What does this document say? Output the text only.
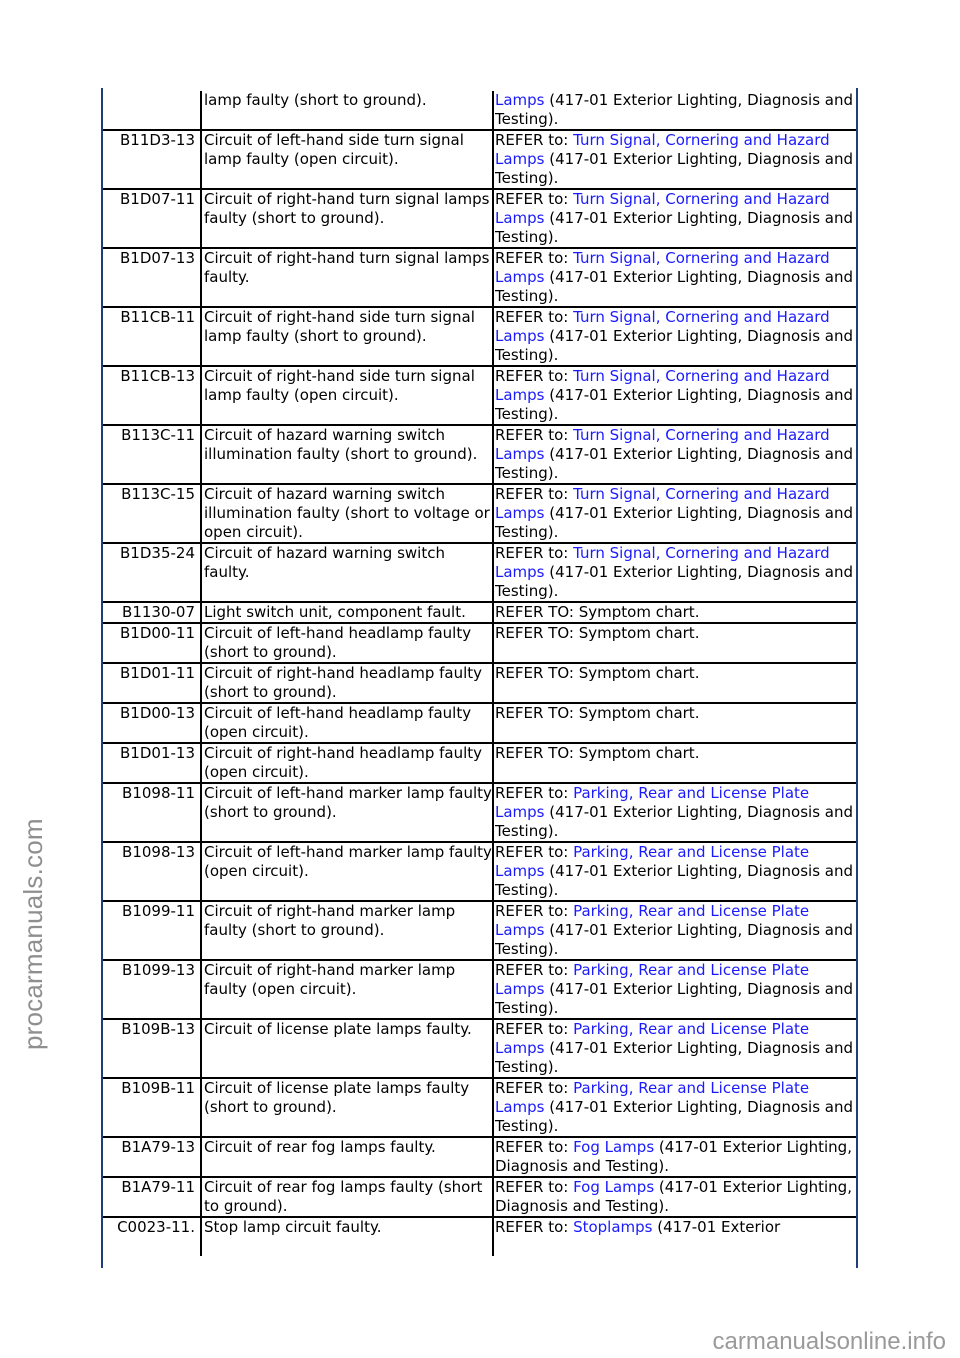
procarmanuals.com
carmanualsonline.info
	lamp faulty (short to ground).	Lamps (417-01 Exterior Lighting, Diagnosis and Testing).
B11D3-13	Circuit of left-hand side turn signal lamp faulty (open circuit).	REFER to: Turn Signal, Cornering and Hazard Lamps (417-01 Exterior Lighting, Diagnosis and Testing).
B1D07-11	Circuit of right-hand turn signal lamps faulty (short to ground).	REFER to: Turn Signal, Cornering and Hazard Lamps (417-01 Exterior Lighting, Diagnosis and Testing).
B1D07-13	Circuit of right-hand turn signal lamps faulty.	REFER to: Turn Signal, Cornering and Hazard Lamps (417-01 Exterior Lighting, Diagnosis and Testing).
B11CB-11	Circuit of right-hand side turn signal lamp faulty (short to ground).	REFER to: Turn Signal, Cornering and Hazard Lamps (417-01 Exterior Lighting, Diagnosis and Testing).
B11CB-13	Circuit of right-hand side turn signal lamp faulty (open circuit).	REFER to: Turn Signal, Cornering and Hazard Lamps (417-01 Exterior Lighting, Diagnosis and Testing).
B113C-11	Circuit of hazard warning switch illumination faulty (short to ground).	REFER to: Turn Signal, Cornering and Hazard Lamps (417-01 Exterior Lighting, Diagnosis and Testing).
B113C-15	Circuit of hazard warning switch illumination faulty (short to voltage or open circuit).	REFER to: Turn Signal, Cornering and Hazard Lamps (417-01 Exterior Lighting, Diagnosis and Testing).
B1D35-24	Circuit of hazard warning switch faulty.	REFER to: Turn Signal, Cornering and Hazard Lamps (417-01 Exterior Lighting, Diagnosis and Testing).
B1130-07	Light switch unit, component fault.	REFER TO: Symptom chart.
B1D00-11	Circuit of left-hand headlamp faulty (short to ground).	REFER TO: Symptom chart.
B1D01-11	Circuit of right-hand headlamp faulty (short to ground).	REFER TO: Symptom chart.
B1D00-13	Circuit of left-hand headlamp faulty (open circuit).	REFER TO: Symptom chart.
B1D01-13	Circuit of right-hand headlamp faulty (open circuit).	REFER TO: Symptom chart.
B1098-11	Circuit of left-hand marker lamp faulty (short to ground).	REFER to: Parking, Rear and License Plate Lamps (417-01 Exterior Lighting, Diagnosis and Testing).
B1098-13	Circuit of left-hand marker lamp faulty (open circuit).	REFER to: Parking, Rear and License Plate Lamps (417-01 Exterior Lighting, Diagnosis and Testing).
B1099-11	Circuit of right-hand marker lamp faulty (short to ground).	REFER to: Parking, Rear and License Plate Lamps (417-01 Exterior Lighting, Diagnosis and Testing).
B1099-13	Circuit of right-hand marker lamp faulty (open circuit).	REFER to: Parking, Rear and License Plate Lamps (417-01 Exterior Lighting, Diagnosis and Testing).
B109B-13	Circuit of license plate lamps faulty.	REFER to: Parking, Rear and License Plate Lamps (417-01 Exterior Lighting, Diagnosis and Testing).
B109B-11	Circuit of license plate lamps faulty (short to ground).	REFER to: Parking, Rear and License Plate Lamps (417-01 Exterior Lighting, Diagnosis and Testing).
B1A79-13	Circuit of rear fog lamps faulty.	REFER to: Fog Lamps (417-01 Exterior Lighting, Diagnosis and Testing).
B1A79-11	Circuit of rear fog lamps faulty (short to ground).	REFER to: Fog Lamps (417-01 Exterior Lighting, Diagnosis and Testing).
C0023-11.	Stop lamp circuit faulty.	REFER to: Stoplamps (417-01 Exterior
